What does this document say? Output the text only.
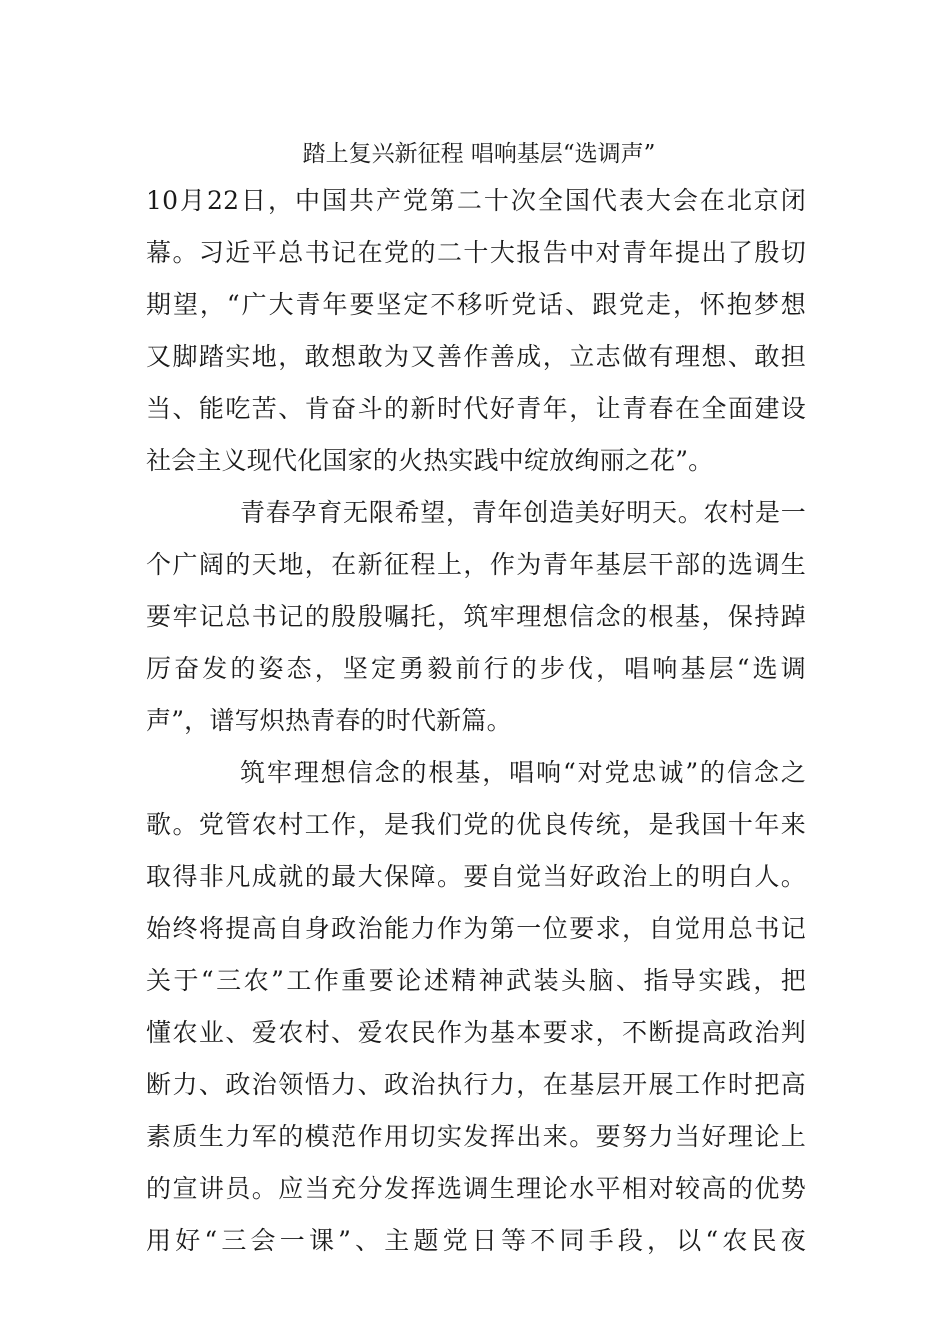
踏上复兴新征程 唱响基层“选调声”
10月22日，中国共产党第二十次全国代表大会在北京闭
幕。习近平总书记在党的二十大报告中对青年提出了殷切
期望，“广大青年要坚定不移听党话、跟党走，怀抱梦想
又脚踏实地，敢想敢为又善作善成，立志做有理想、敢担
当、能吃苦、肯奋斗的新时代好青年，让青春在全面建设
社会主义现代化国家的火热实践中绽放绚丽之花”。
青春孕育无限希望，青年创造美好明天。农村是一
个广阔的天地，在新征程上，作为青年基层干部的选调生
要牢记总书记的殷殷嘱托，筑牢理想信念的根基，保持踔
厉奋发的姿态，坚定勇毅前行的步伐，唱响基层“选调
声”，谱写炽热青春的时代新篇。
筑牢理想信念的根基，唱响“对党忠诚”的信念之
歌。党管农村工作，是我们党的优良传统，是我国十年来
取得非凡成就的最大保障。要自觉当好政治上的明白人。
始终将提高自身政治能力作为第一位要求，自觉用总书记
关于“三农”工作重要论述精神武装头脑、指导实践，把
懂农业、爱农村、爱农民作为基本要求，不断提高政治判
断力、政治领悟力、政治执行力，在基层开展工作时把高
素质生力军的模范作用切实发挥出来。要努力当好理论上
的宣讲员。应当充分发挥选调生理论水平相对较高的优势
用好“三会一课”、主题党日等不同手段，以“农民夜
